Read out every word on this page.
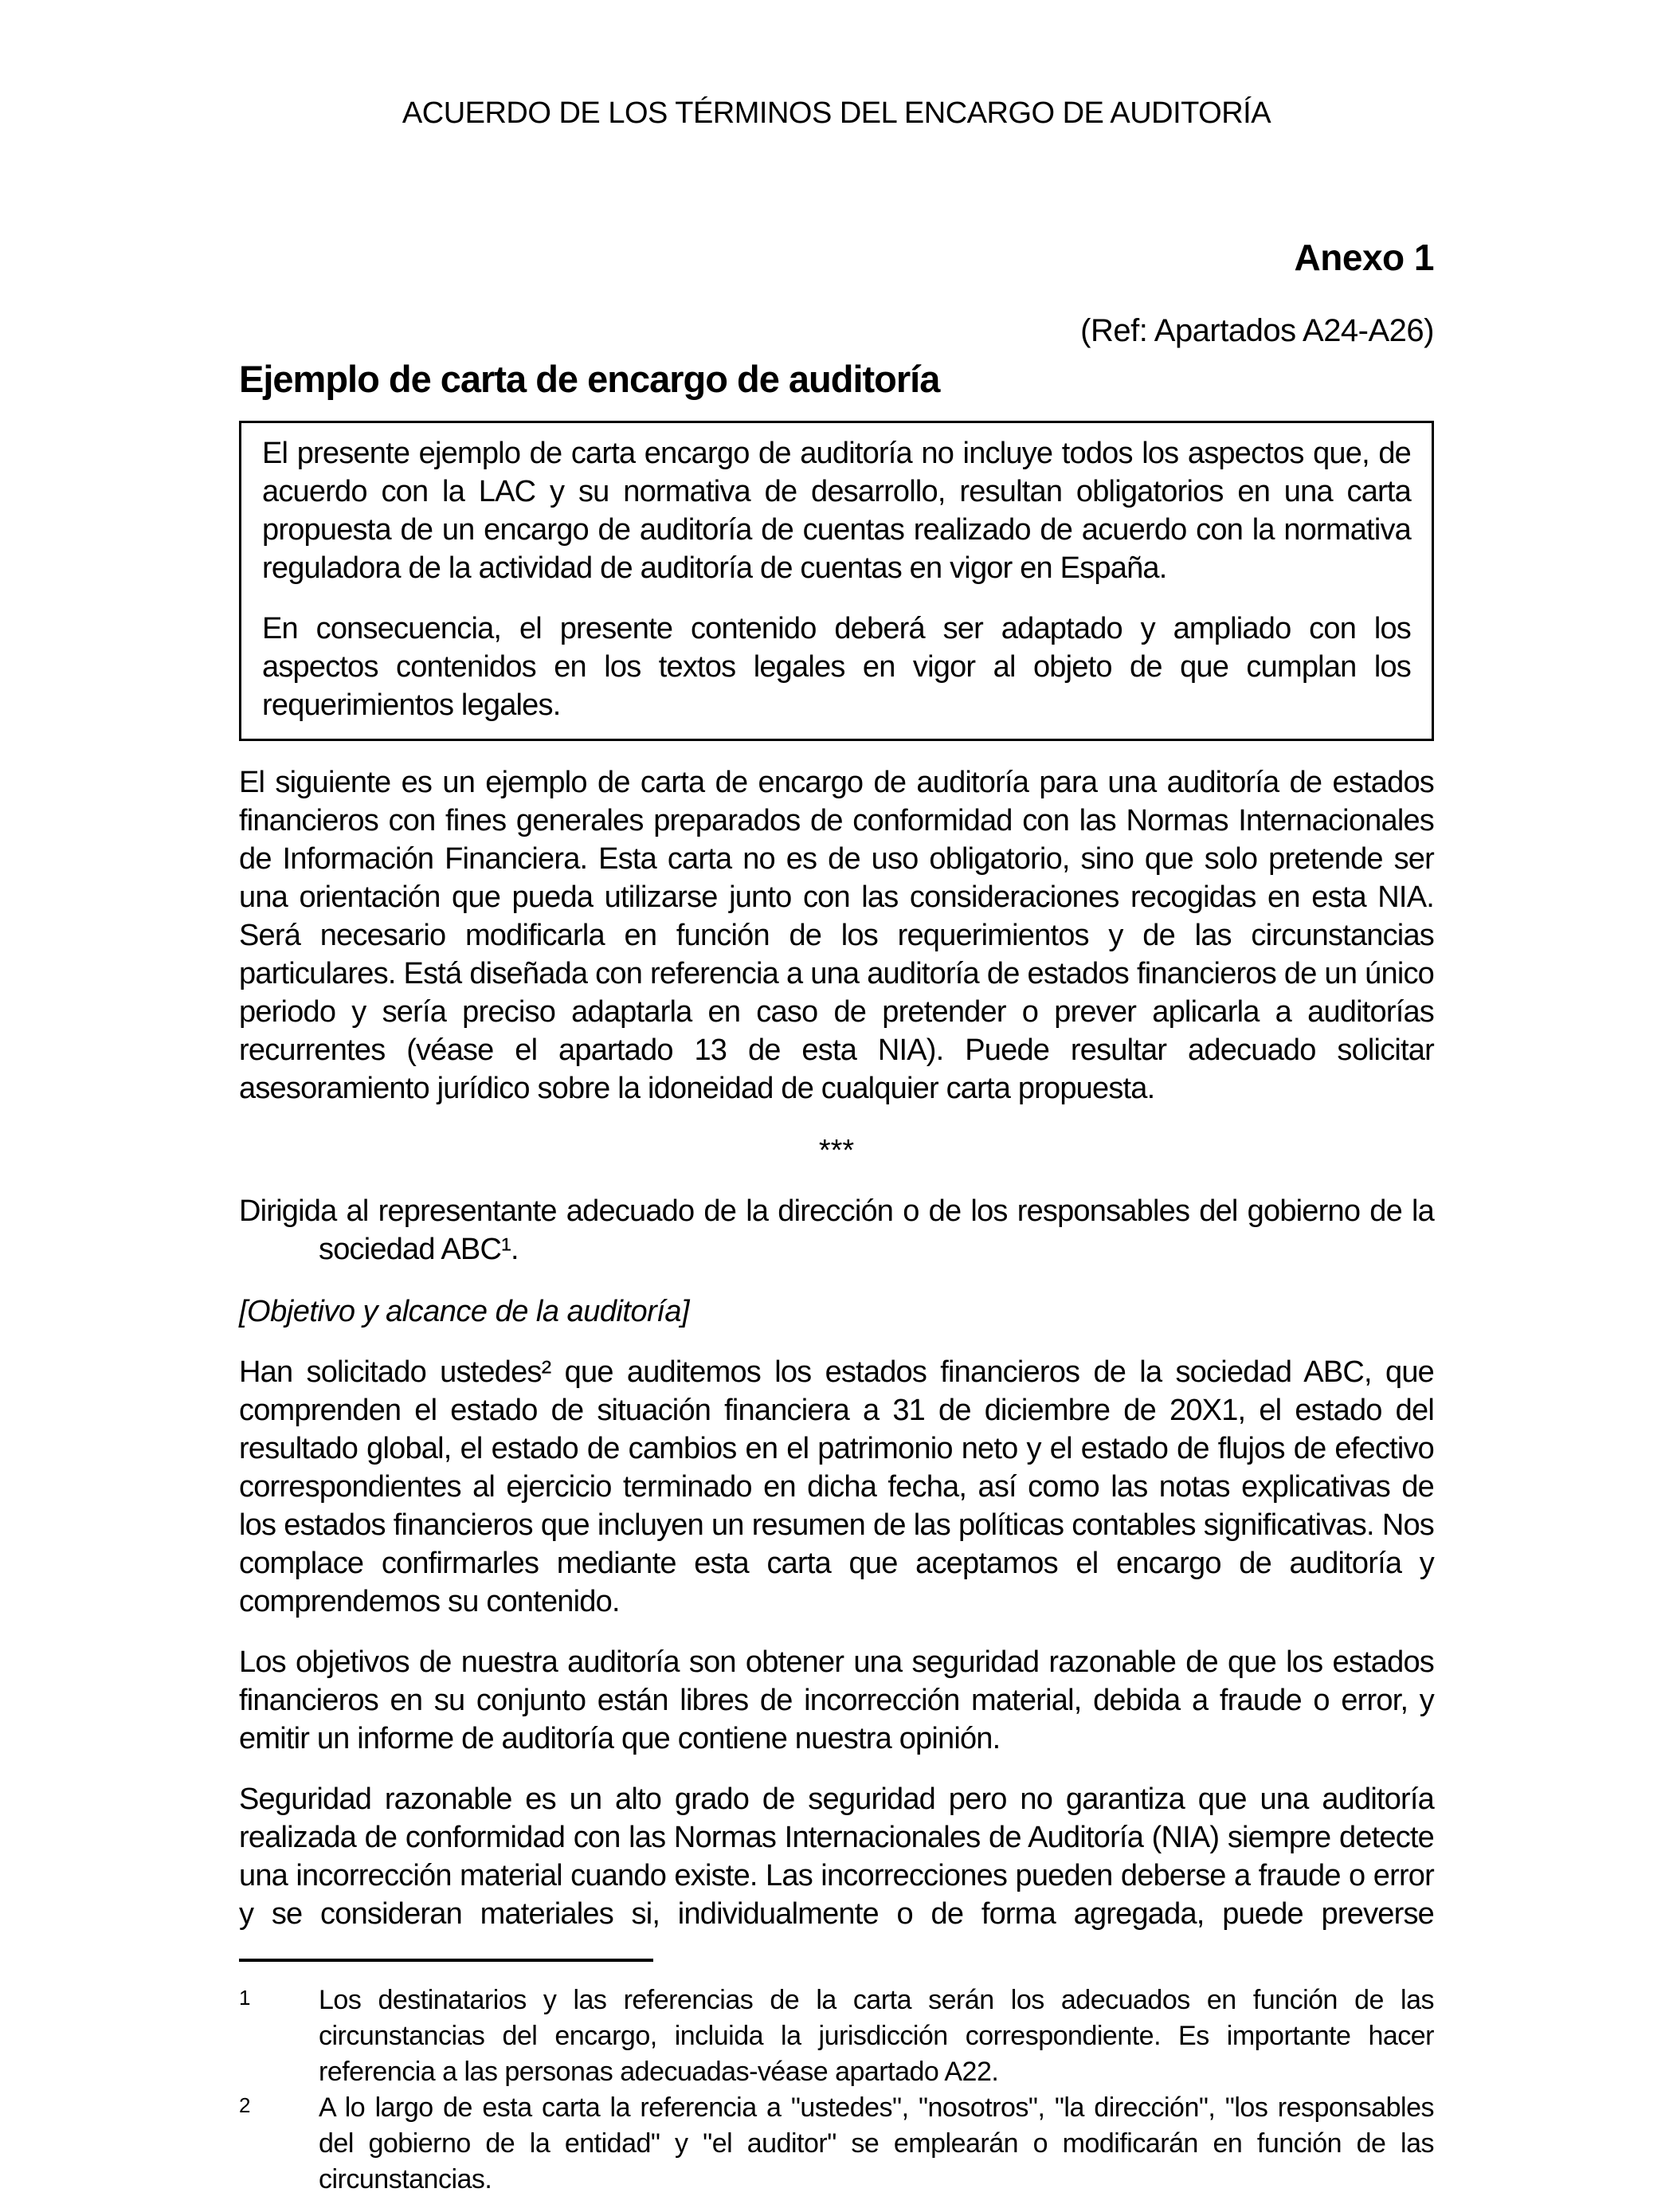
ACUERDO DE LOS TÉRMINOS DEL ENCARGO DE AUDITORÍA
Anexo 1
(Ref: Apartados A24-A26)
Ejemplo de carta de encargo de auditoría

El presente ejemplo de carta encargo de auditoría no incluye todos los aspectos que, de acuerdo con la LAC y su normativa de desarrollo, resultan obligatorios en una carta propuesta de un encargo de auditoría de cuentas realizado de acuerdo con la normativa reguladora de la actividad de auditoría de cuentas en vigor en España.

En consecuencia, el presente contenido deberá ser adaptado y ampliado con los aspectos contenidos en los textos legales en vigor al objeto de que cumplan los requerimientos legales.

El siguiente es un ejemplo de carta de encargo de auditoría para una auditoría de estados financieros con fines generales preparados de conformidad con las Normas Internacionales de Información Financiera. Esta carta no es de uso obligatorio, sino que solo pretende ser una orientación que pueda utilizarse junto con las consideraciones recogidas en esta NIA. Será necesario modificarla en función de los requerimientos y de las circunstancias particulares. Está diseñada con referencia a una auditoría de estados financieros de un único periodo y sería preciso adaptarla en caso de pretender o prever aplicarla a auditorías recurrentes (véase el apartado 13 de esta NIA). Puede resultar adecuado solicitar asesoramiento jurídico sobre la idoneidad de cualquier carta propuesta.

***
Dirigida al representante adecuado de la dirección o de los responsables del gobierno de la
sociedad ABC¹.
[Objetivo y alcance de la auditoría]

Han solicitado ustedes² que auditemos los estados financieros de la sociedad ABC, que comprenden el estado de situación financiera a 31 de diciembre de 20X1, el estado del resultado global, el estado de cambios en el patrimonio neto y el estado de flujos de efectivo correspondientes al ejercicio terminado en dicha fecha, así como las notas explicativas de los estados financieros que incluyen un resumen de las políticas contables significativas. Nos complace confirmarles mediante esta carta que aceptamos el encargo de auditoría y comprendemos su contenido.

Los objetivos de nuestra auditoría son obtener una seguridad razonable de que los estados financieros en su conjunto están libres de incorrección material, debida a fraude o error, y emitir un informe de auditoría que contiene nuestra opinión.

Seguridad razonable es un alto grado de seguridad pero no garantiza que una auditoría realizada de conformidad con las Normas Internacionales de Auditoría (NIA) siempre detecte una incorrección material cuando existe. Las incorrecciones pueden deberse a fraude o error y se consideran materiales si, individualmente o de forma agregada, puede preverse

1	Los destinatarios y las referencias de la carta serán los adecuados en función de las circunstancias del encargo, incluida la jurisdicción correspondiente. Es importante hacer referencia a las personas adecuadas-véase apartado A22.
2	A lo largo de esta carta la referencia a "ustedes", "nosotros", "la dirección", "los responsables del gobierno de la entidad" y "el auditor" se emplearán o modificarán en función de las circunstancias.
